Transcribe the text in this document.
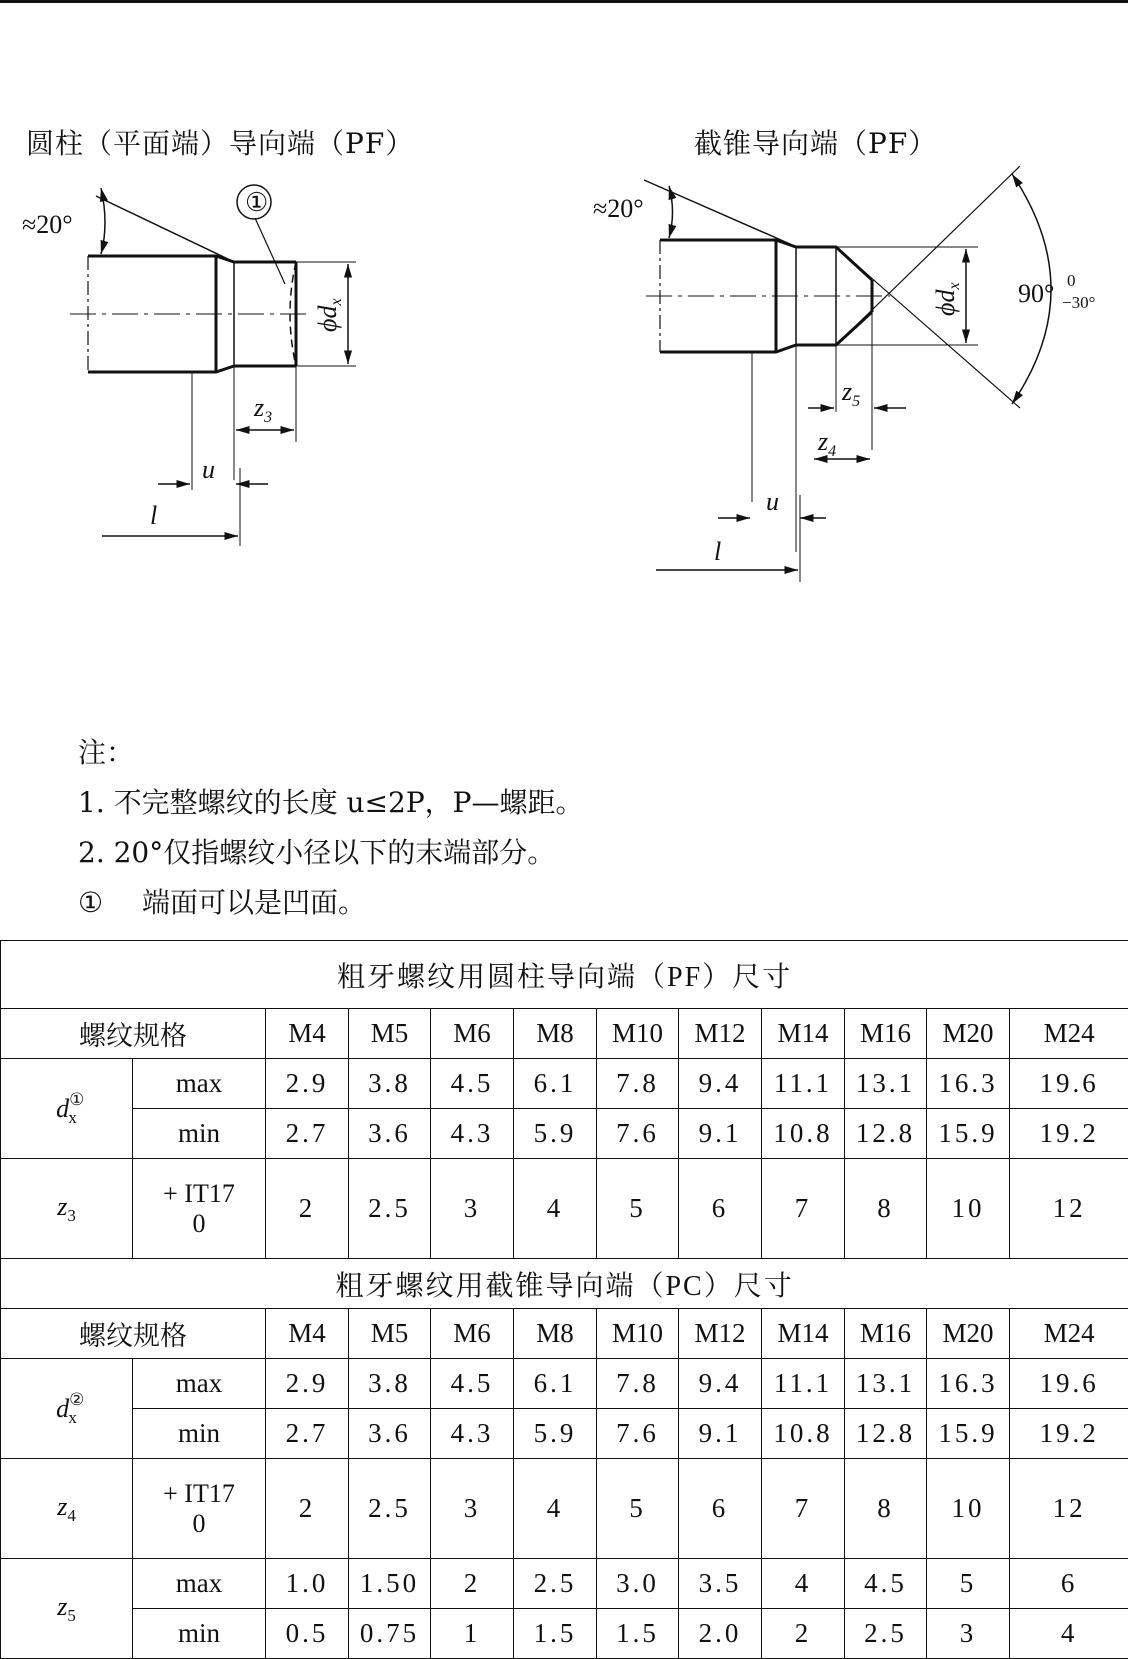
圆柱（平面端）导向端（PF）	截锥导向端（PF）
≈20°
①
ϕdx
$z_3$
u
l
≈20°
ϕdx 90° 0
−30°
$z_5$
$z_4$
u
l
注：
1. 不完整螺纹的长度 u≤2P，P—螺距。
2. 20°仅指螺纹小径以下的末端部分。
① 端面可以是凹面。
粗牙螺纹用圆柱导向端（PF）尺寸											
螺纹规格		M4	M5	M6	M8	M10	M12	M14	M16	M20	M24
$d^①_x$	max	2.9	3.8	4.5	6.1	7.8	9.4	11.1	13.1	16.3	19.6
	min	2.7	3.6	4.3	5.9	7.6	9.1	10.8	12.8	15.9	19.2
$z_3$	+ IT17
0	2	2.5	3	4	5	6	7	8	10	12
粗牙螺纹用截锥导向端（PC）尺寸											
螺纹规格		M4	M5	M6	M8	M10	M12	M14	M16	M20	M24
$d^②_x$	max	2.9	3.8	4.5	6.1	7.8	9.4	11.1	13.1	16.3	19.6
	min	2.7	3.6	4.3	5.9	7.6	9.1	10.8	12.8	15.9	19.2
$z_4$	+ IT17
0	2	2.5	3	4	5	6	7	8	10	12
$z_5$	max	1.0	1.50	2	2.5	3.0	3.5	4	4.5	5	6
	min	0.5	0.75	1	1.5	1.5	2.0	2	2.5	3	4
